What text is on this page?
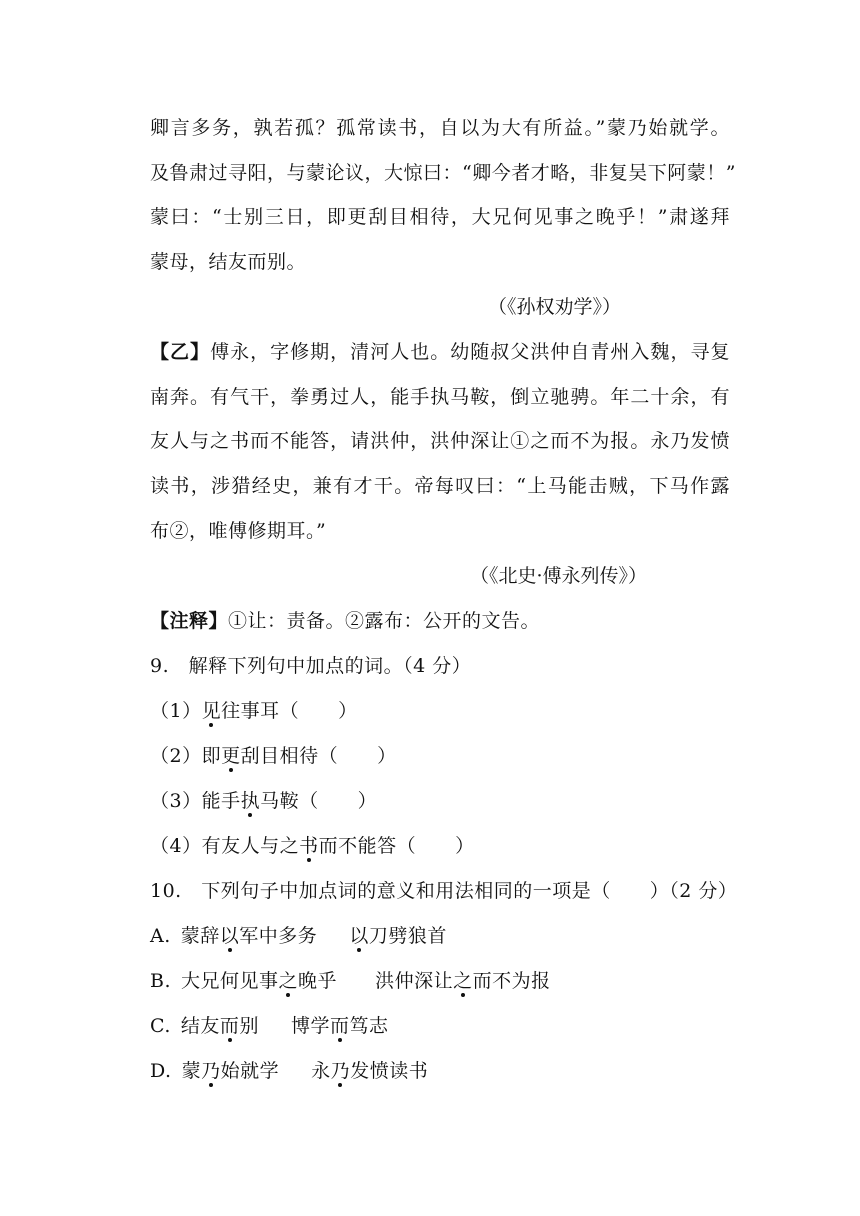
卿言多务，孰若孤？孤常读书，自以为大有所益。”蒙乃始就学。
及鲁肃过寻阳，与蒙论议，大惊曰：“卿今者才略，非复吴下阿蒙！”
蒙曰：“士别三日，即更刮目相待，大兄何见事之晚乎！”肃遂拜
蒙母，结友而别。
（《孙权劝学》）
【乙】傅永，字修期，清河人也。幼随叔父洪仲自青州入魏，寻复
南奔。有气干，拳勇过人，能手执马鞍，倒立驰骋。年二十余，有
友人与之书而不能答，请洪仲，洪仲深让①之而不为报。永乃发愤
读书，涉猎经史，兼有才干。帝每叹曰：“上马能击贼，下马作露
布②，唯傅修期耳。”
（《北史·傅永列传》）
【注释】①让：责备。②露布：公开的文告。
9.　解释下列句中加点的词。（4 分）
（1）见往事耳（　　）
（2）即更刮目相待（　　）
（3）能手执马鞍（　　）
（4）有友人与之书而不能答（　　）
10.　下列句子中加点词的意义和用法相同的一项是（　　）（2 分）
A. 蒙辞以军中多务 以刀劈狼首
B. 大兄何见事之晚乎 洪仲深让之而不为报
C. 结友而别 博学而笃志
D. 蒙乃始就学 永乃发愤读书
